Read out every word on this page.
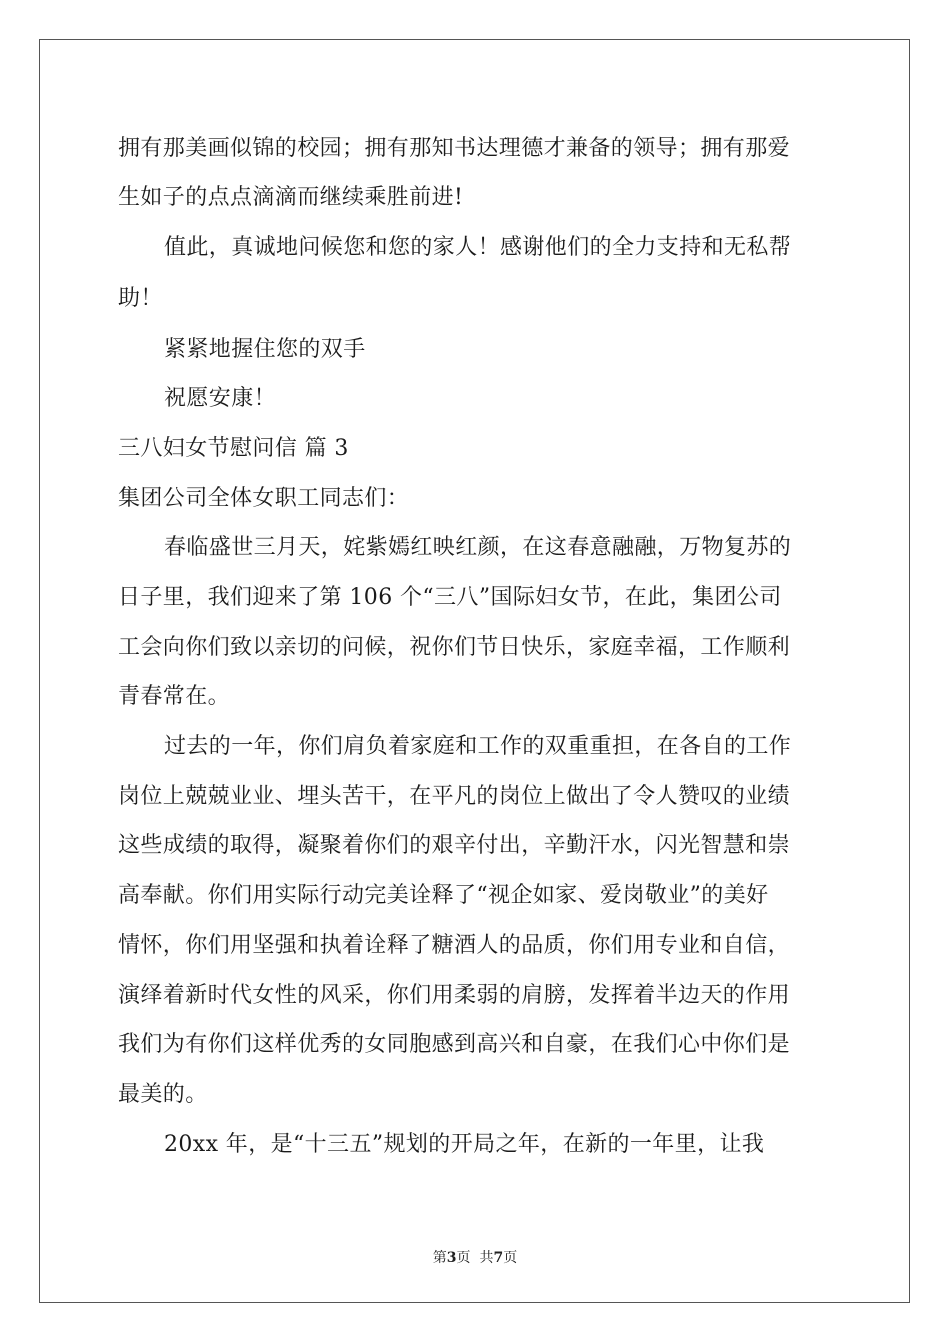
拥有那美画似锦的校园；拥有那知书达理德才兼备的领导；拥有那爱
生如子的点点滴滴而继续乘胜前进!
值此，真诚地问候您和您的家人！感谢他们的全力支持和无私帮
助！
紧紧地握住您的双手
祝愿安康！
三八妇女节慰问信 篇 3
集团公司全体女职工同志们：
春临盛世三月天，姹紫嫣红映红颜，在这春意融融，万物复苏的
日子里，我们迎来了第 106 个“三八”国际妇女节，在此，集团公司
工会向你们致以亲切的问候，祝你们节日快乐，家庭幸福，工作顺利
青春常在。
过去的一年，你们肩负着家庭和工作的双重重担，在各自的工作
岗位上兢兢业业、埋头苦干，在平凡的岗位上做出了令人赞叹的业绩
这些成绩的取得，凝聚着你们的艰辛付出，辛勤汗水，闪光智慧和崇
高奉献。你们用实际行动完美诠释了“视企如家、爱岗敬业”的美好
情怀，你们用坚强和执着诠释了糖酒人的品质，你们用专业和自信，
演绎着新时代女性的风采，你们用柔弱的肩膀，发挥着半边天的作用
我们为有你们这样优秀的女同胞感到高兴和自豪，在我们心中你们是
最美的。
20xx 年，是“十三五”规划的开局之年，在新的一年里，让我
第3页  共7页
